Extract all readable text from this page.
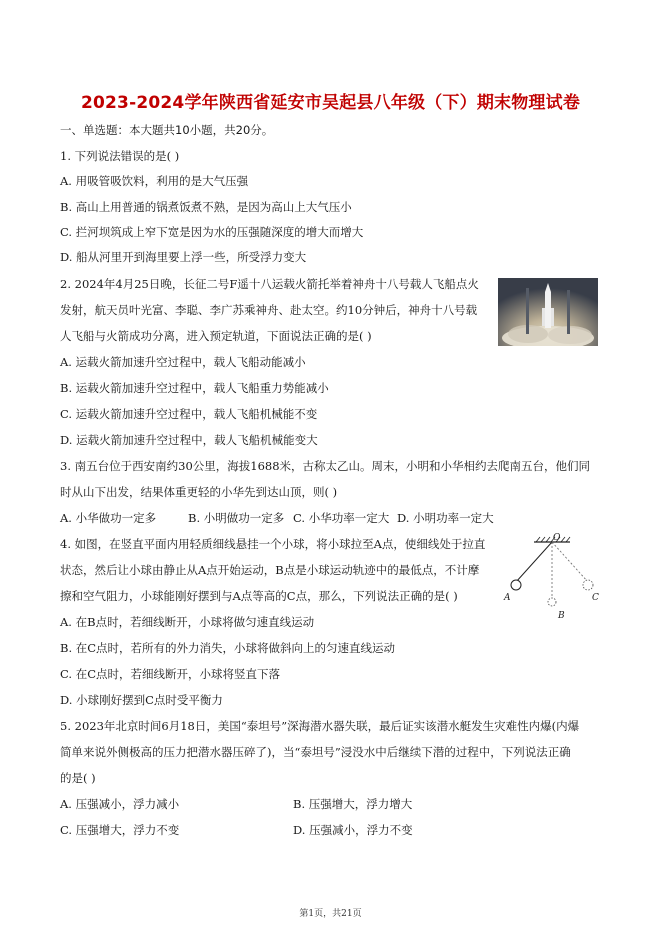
2023-2024学年陕西省延安市吴起县八年级（下）期末物理试卷
一、单选题：本大题共10小题，共20分。
1. 下列说法错误的是( )
A. 用吸管吸饮料，利用的是大气压强
B. 高山上用普通的锅煮饭煮不熟，是因为高山上大气压小
C. 拦河坝筑成上窄下宽是因为水的压强随深度的增大而增大
D. 船从河里开到海里要上浮一些，所受浮力变大
2. 2024年4月25日晚，长征二号F遥十八运载火箭托举着神舟十八号载人飞船点火
发射，航天员叶光富、李聪、李广苏乘神舟、赴太空。约10分钟后，神舟十八号载
人飞船与火箭成功分离，进入预定轨道，下面说法正确的是( )
A. 运载火箭加速升空过程中，载人飞船动能减小
B. 运载火箭加速升空过程中，载人飞船重力势能减小
C. 运载火箭加速升空过程中，载人飞船机械能不变
D. 运载火箭加速升空过程中，载人飞船机械能变大
3. 南五台位于西安南约30公里，海拔1688米，古称太乙山。周末，小明和小华相约去爬南五台，他们同
时从山下出发，结果体重更轻的小华先到达山顶，则( )
A. 小华做功一定多	B. 小明做功一定多 C. 小华功率一定大 D. 小明功率一定大
4. 如图，在竖直平面内用轻质细线悬挂一个小球，将小球拉至A点，使细线处于拉直
状态，然后让小球由静止从A点开始运动，B点是小球运动轨迹中的最低点，不计摩
擦和空气阻力，小球能刚好摆到与A点等高的C点，那么，下列说法正确的是( )
A. 在B点时，若细线断开，小球将做匀速直线运动
B. 在C点时，若所有的外力消失，小球将做斜向上的匀速直线运动
C. 在C点时，若细线断开，小球将竖直下落
D. 小球刚好摆到C点时受平衡力
O
A
B
C
5. 2023年北京时间6月18日，美国“泰坦号”深海潜水器失联，最后证实该潜水艇发生灾难性内爆(内爆
简单来说外侧极高的压力把潜水器压碎了)，当“泰坦号”浸没水中后继续下潜的过程中，下列说法正确
的是( )
A. 压强减小，浮力减小	B. 压强增大，浮力增大
C. 压强增大，浮力不变	D. 压强减小，浮力不变
第1页，共21页
